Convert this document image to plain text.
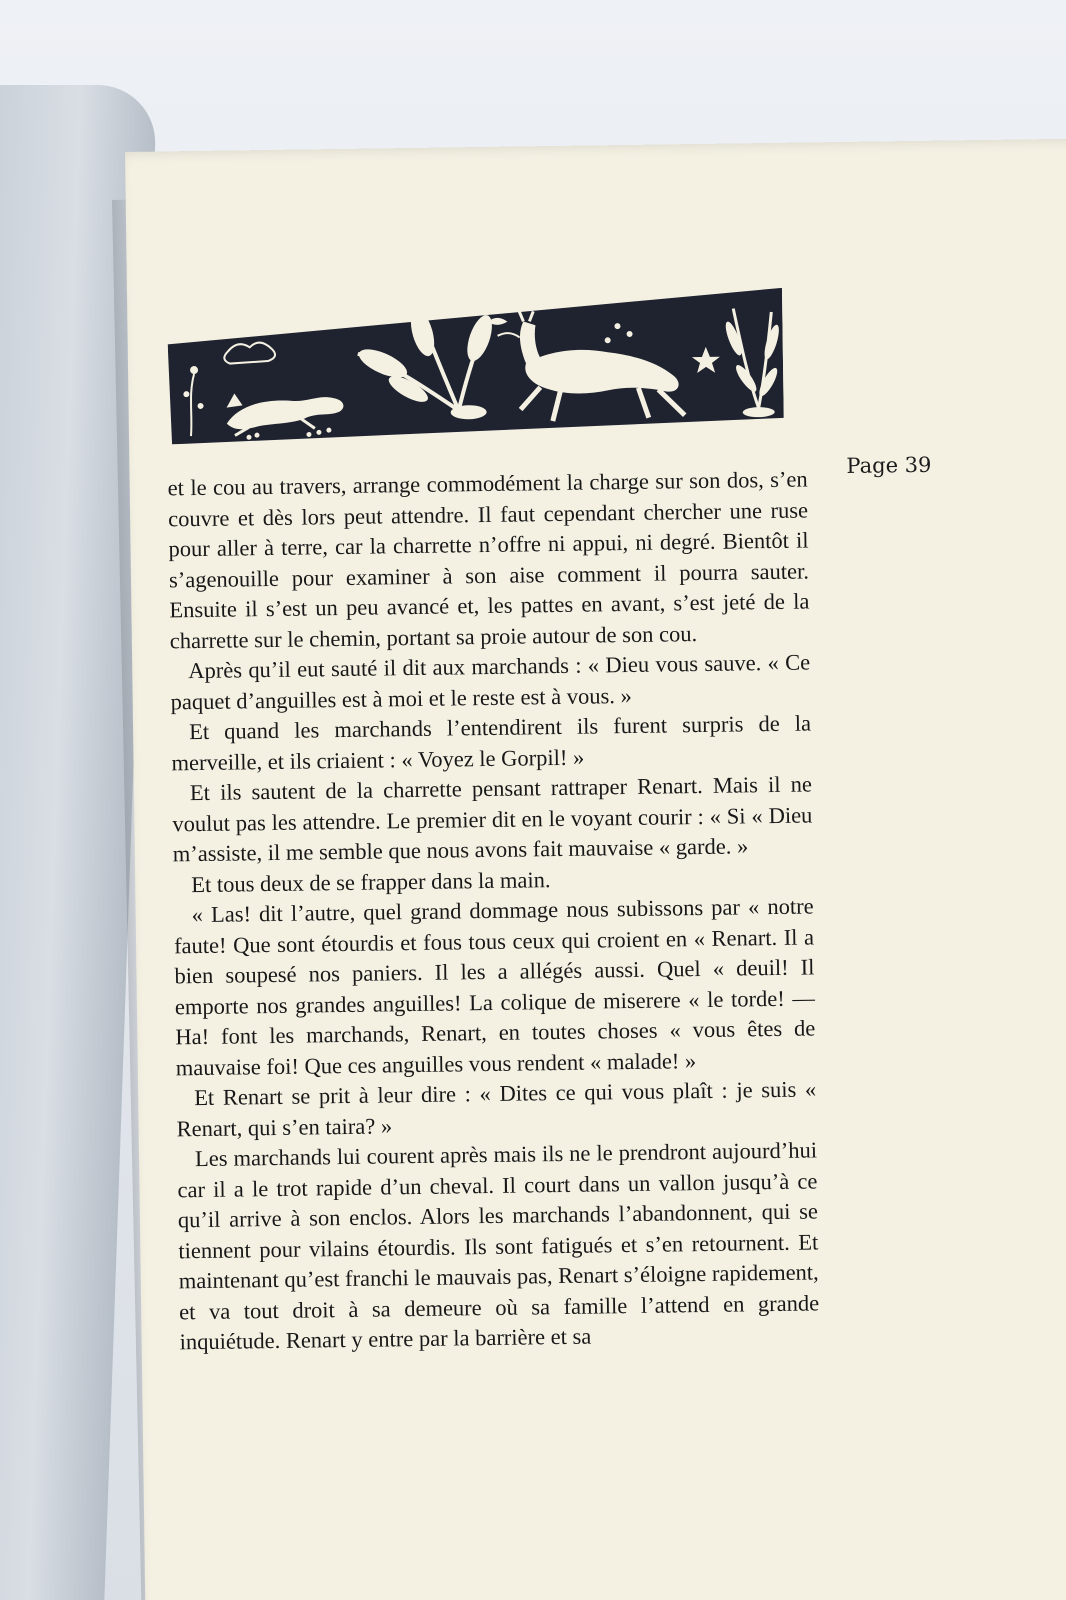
Page 39

et le cou au travers, arrange commodément la charge sur son dos, s’en couvre et dès lors peut attendre. Il faut cependant chercher une ruse pour aller à terre, car la charrette n’offre ni appui, ni degré. Bientôt il s’agenouille pour examiner à son aise comment il pourra sauter. Ensuite il s’est un peu avancé et, les pattes en avant, s’est jeté de la charrette sur le chemin, portant sa proie autour de son cou.

Après qu’il eut sauté il dit aux marchands : « Dieu vous sauve. « Ce paquet d’anguilles est à moi et le reste est à vous. »

Et quand les marchands l’entendirent ils furent surpris de la merveille, et ils criaient : « Voyez le Gorpil! »

Et ils sautent de la charrette pensant rattraper Renart. Mais il ne voulut pas les attendre. Le premier dit en le voyant courir : « Si « Dieu m’assiste, il me semble que nous avons fait mauvaise « garde. »

Et tous deux de se frapper dans la main.

« Las! dit l’autre, quel grand dommage nous subissons par « notre faute! Que sont étourdis et fous tous ceux qui croient en « Renart. Il a bien soupesé nos paniers. Il les a allégés aussi. Quel « deuil! Il emporte nos grandes anguilles! La colique de miserere « le torde! — Ha! font les marchands, Renart, en toutes choses « vous êtes de mauvaise foi! Que ces anguilles vous rendent « malade! »

Et Renart se prit à leur dire : « Dites ce qui vous plaît : je suis « Renart, qui s’en taira? »

Les marchands lui courent après mais ils ne le prendront aujourd’hui car il a le trot rapide d’un cheval. Il court dans un vallon jusqu’à ce qu’il arrive à son enclos. Alors les marchands l’abandonnent, qui se tiennent pour vilains étourdis. Ils sont fatigués et s’en retournent. Et maintenant qu’est franchi le mauvais pas, Renart s’éloigne rapidement, et va tout droit à sa demeure où sa famille l’attend en grande inquiétude. Renart y entre par la barrière et sa
